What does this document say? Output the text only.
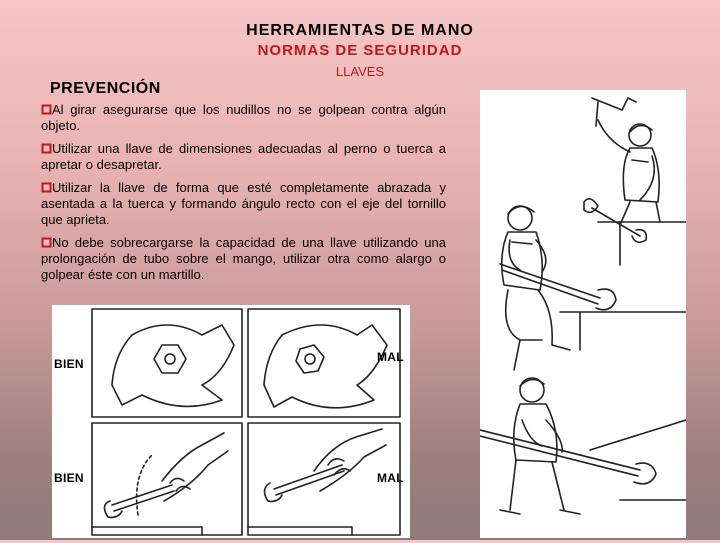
HERRAMIENTAS DE MANO
NORMAS DE SEGURIDAD
LLAVES
PREVENCIÓN
Al girar asegurarse que los nudillos no se golpean contra algún objeto.
Utilizar una llave de dimensiones adecuadas al perno o tuerca a apretar o desapretar.
Utilizar la llave de forma que esté completamente abrazada y asentada a la tuerca y formando ángulo recto con el eje del tornillo que aprieta.
No debe sobrecargarse la capacidad de una llave utilizando una prolongación de tubo sobre el mango, utilizar otra como alargo o golpear éste con un martillo.
BIEN	MAL
BIEN	MAL
